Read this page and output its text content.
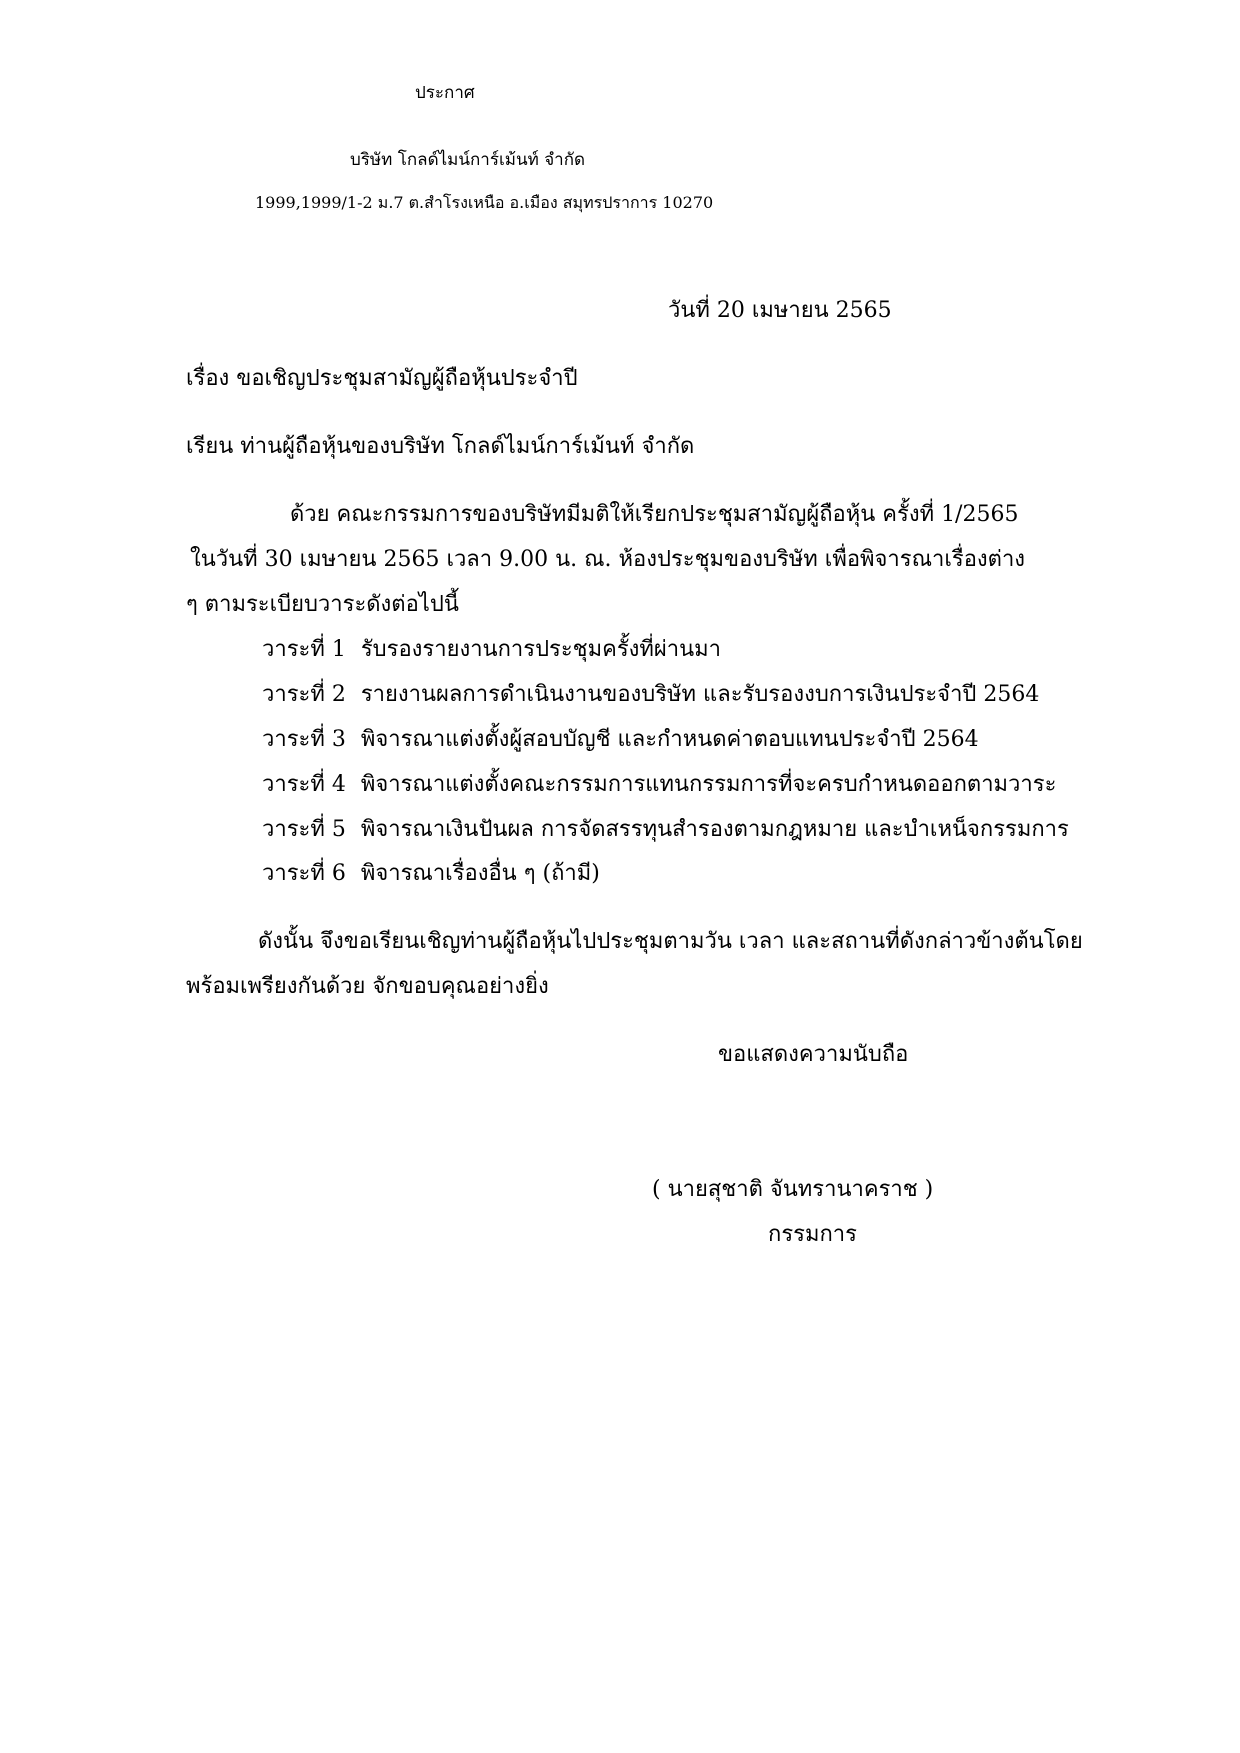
ประกาศ
บริษัท โกลด์ไมน์การ์เม้นท์ จำกัด
1999,1999/1-2 ม.7 ต.สำโรงเหนือ อ.เมือง สมุทรปราการ 10270
วันที่ 20 เมษายน 2565
เรื่อง ขอเชิญประชุมสามัญผู้ถือหุ้นประจำปี
เรียน ท่านผู้ถือหุ้นของบริษัท โกลด์ไมน์การ์เม้นท์ จำกัด
ด้วย คณะกรรมการของบริษัทมีมติให้เรียกประชุมสามัญผู้ถือหุ้น ครั้งที่ 1/2565
ในวันที่ 30 เมษายน 2565 เวลา 9.00 น. ณ. ห้องประชุมของบริษัท เพื่อพิจารณาเรื่องต่าง
ๆ ตามระเบียบวาระดังต่อไปนี้
วาระที่ 1 รับรองรายงานการประชุมครั้งที่ผ่านมา
วาระที่ 2 รายงานผลการดำเนินงานของบริษัท และรับรองงบการเงินประจำปี 2564
วาระที่ 3 พิจารณาแต่งตั้งผู้สอบบัญชี และกำหนดค่าตอบแทนประจำปี 2564
วาระที่ 4 พิจารณาแต่งตั้งคณะกรรมการแทนกรรมการที่จะครบกำหนดออกตามวาระ
วาระที่ 5 พิจารณาเงินปันผล การจัดสรรทุนสำรองตามกฎหมาย และบำเหน็จกรรมการ
วาระที่ 6 พิจารณาเรื่องอื่น ๆ (ถ้ามี)
ดังนั้น จึงขอเรียนเชิญท่านผู้ถือหุ้นไปประชุมตามวัน เวลา และสถานที่ดังกล่าวข้างต้นโดย
พร้อมเพรียงกันด้วย จักขอบคุณอย่างยิ่ง
ขอแสดงความนับถือ
( นายสุชาติ จันทรานาคราช )
กรรมการ
